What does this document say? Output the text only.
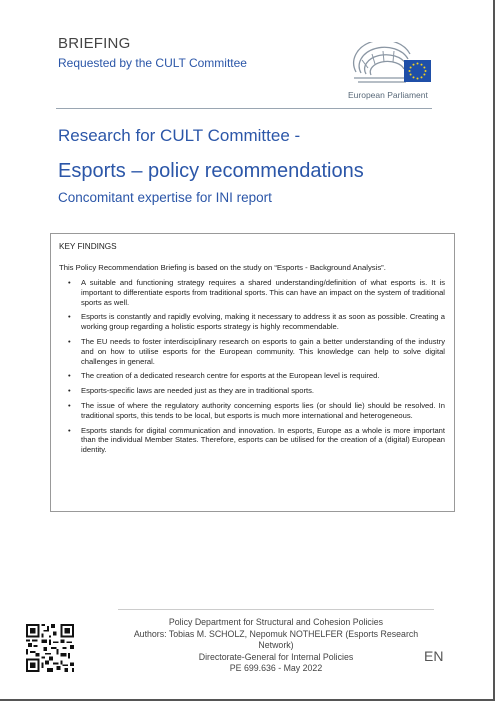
BRIEFING
Requested by the CULT Committee
European Parliament
Research for CULT Committee -
Esports – policy recommendations
Concomitant expertise for INI report
KEY FINDINGS
This Policy Recommendation Briefing is based on the study on “Esports - Background Analysis”.
• A suitable and functioning strategy requires a shared understanding/definition of what esports is. It is important to differentiate esports from traditional sports. This can have an impact on the system of traditional sports as well.
• Esports is constantly and rapidly evolving, making it necessary to address it as soon as possible. Creating a working group regarding a holistic esports strategy is highly recommendable.
• The EU needs to foster interdisciplinary research on esports to gain a better understanding of the industry and on how to utilise esports for the European community. This knowledge can help to solve digital challenges in general.
• The creation of a dedicated research centre for esports at the European level is required.
• Esports-specific laws are needed just as they are in traditional sports.
• The issue of where the regulatory authority concerning esports lies (or should lie) should be resolved. In traditional sports, this tends to be local, but esports is much more international and heterogeneous.
• Esports stands for digital communication and innovation. In esports, Europe as a whole is more important than the individual Member States. Therefore, esports can be utilised for the creation of a (digital) European identity.
Policy Department for Structural and Cohesion Policies
Authors: Tobias M. SCHOLZ, Nepomuk NOTHELFER (Esports Research Network)
Directorate-General for Internal Policies
PE 699.636 - May 2022
EN
